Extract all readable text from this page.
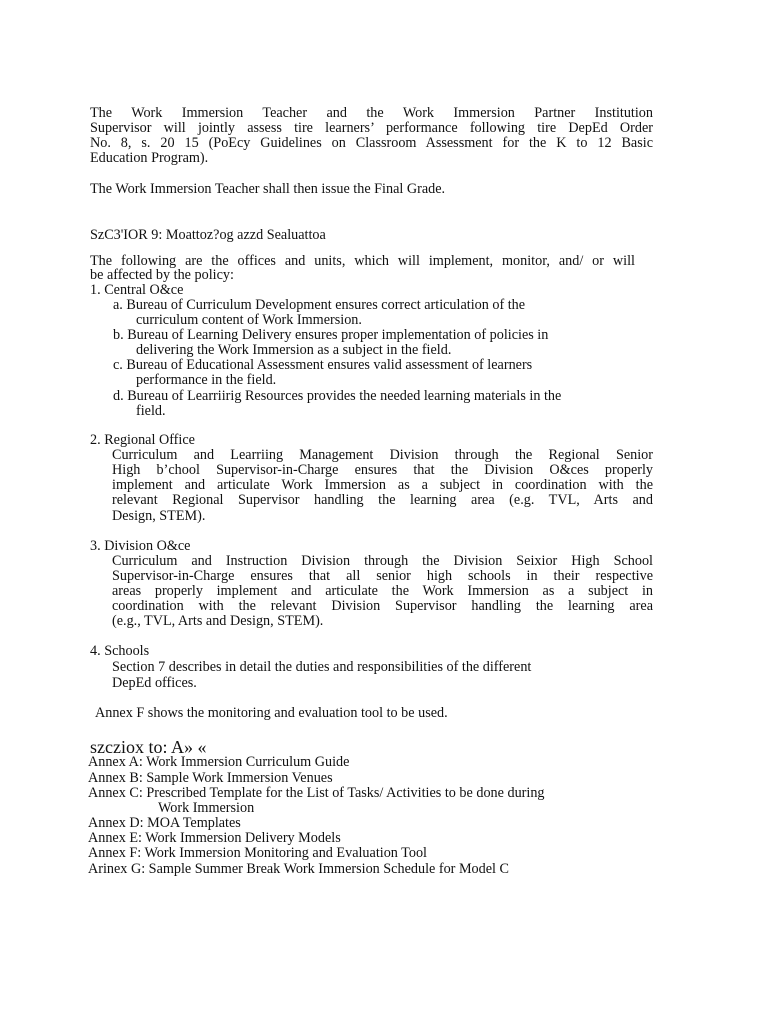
The Work Immersion Teacher and the Work Immersion Partner Institution
Supervisor will jointly assess tire learners’ performance following tire DepEd Order
No. 8, s. 20 15 (PoEcy Guidelines on Classroom Assessment for the K to 12 Basic
Education Program).
The Work Immersion Teacher shall then issue the Final Grade.
SzC3'IOR 9: Moattoz?og azzd Sealuattoa
The following are the offices and units, which will implement, monitor, and/ or will
be affected by the policy:
1. Central O&ce
a. Bureau of Curriculum Development ensures correct articulation of the
curriculum content of Work Immersion.
b. Bureau of Learning Delivery ensures proper implementation of policies in
delivering the Work Immersion as a subject in the field.
c. Bureau of Educational Assessment ensures valid assessment of learners
performance in the field.
d. Bureau of Learriirig Resources provides the needed learning materials in the
field.
2. Regional Office
Curriculum and Learriing Management Division through the Regional Senior
High b’chool Supervisor-in-Charge ensures that the Division O&ces properly
implement and articulate Work Immersion as a subject in coordination with the
relevant Regional Supervisor handling the learning area (e.g. TVL, Arts and
Design, STEM).
3. Division O&ce
Curriculum and Instruction Division through the Division Seixior High School
Supervisor-in-Charge ensures that all senior high schools in their respective
areas properly implement and articulate the Work Immersion as a subject in
coordination with the relevant Division Supervisor handling the learning area
(e.g., TVL, Arts and Design, STEM).
4. Schools
Section 7 describes in detail the duties and responsibilities of the different
DepEd offices.
Annex F shows the monitoring and evaluation tool to be used.
szcziox to: A» «
Annex A: Work Immersion Curriculum Guide
Annex B: Sample Work Immersion Venues
Annex C: Prescribed Template for the List of Tasks/ Activities to be done during
Work Immersion
Annex D: MOA Templates
Annex E: Work Immersion Delivery Models
Annex F: Work Immersion Monitoring and Evaluation Tool
Arinex G: Sample Summer Break Work Immersion Schedule for Model C
